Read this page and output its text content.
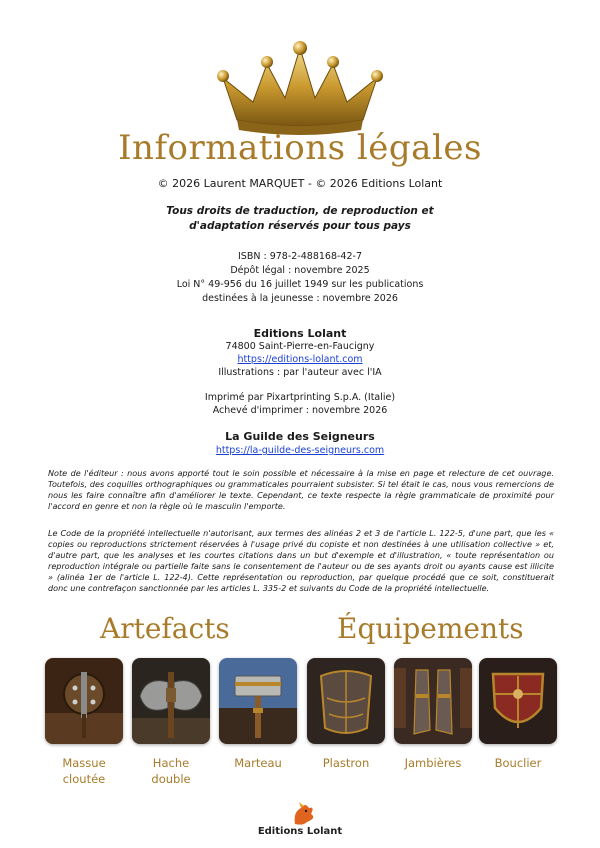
Informations légales
© 2026 Laurent MARQUET - © 2026 Editions Lolant
Tous droits de traduction, de reproduction et
d'adaptation réservés pour tous pays
ISBN : 978-2-488168-42-7
Dépôt légal : novembre 2025
Loi N° 49-956 du 16 juillet 1949 sur les publications
destinées à la jeunesse : novembre 2026
Editions Lolant
74800 Saint-Pierre-en-Faucigny
https://editions-lolant.com
Illustrations : par l'auteur avec l'IA
Imprimé par Pixartprinting S.p.A. (Italie)
Achevé d'imprimer : novembre 2026
La Guilde des Seigneurs
https://la-guilde-des-seigneurs.com
Note de l'éditeur : nous avons apporté tout le soin possible et nécessaire à la mise en page et relecture de cet ouvrage. Toutefois, des coquilles orthographiques ou grammaticales pourraient subsister. Si tel était le cas, nous vous remercions de nous les faire connaître afin d'améliorer le texte. Cependant, ce texte respecte la règle grammaticale de proximité pour l'accord en genre et non la règle où le masculin l'emporte.
Le Code de la propriété intellectuelle n'autorisant, aux termes des alinéas 2 et 3 de l'article L. 122-5, d'une part, que les « copies ou reproductions strictement réservées à l'usage privé du copiste et non destinées à une utilisation collective » et, d'autre part, que les analyses et les courtes citations dans un but d'exemple et d'illustration, « toute représentation ou reproduction intégrale ou partielle faite sans le consentement de l'auteur ou de ses ayants droit ou ayants cause est illicite » (alinéa 1er de l'article L. 122-4). Cette représentation ou reproduction, par quelque procédé que ce soit, constituerait donc une contrefaçon sanctionnée par les articles L. 335-2 et suivants du Code de la propriété intellectuelle.
Artefacts	Équipements
Massue
cloutée
Hache
double
Marteau	Plastron	Jambières	Bouclier
Editions Lolant
